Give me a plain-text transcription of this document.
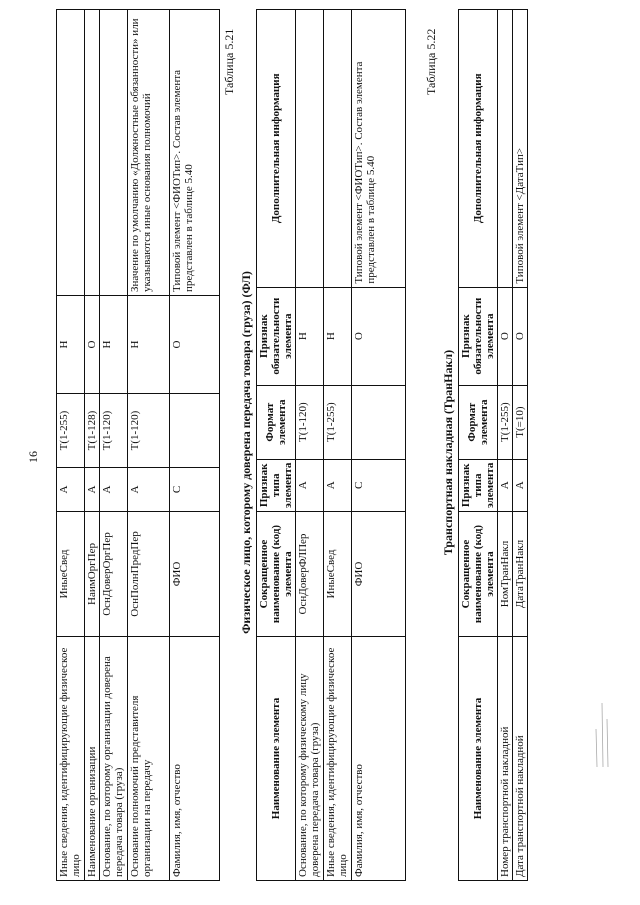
16
Иные сведения, идентифицирующие физическое лицо	ИныеСвед	А	Т(1-255)	Н	
Наименование организации	НаимОргПер	А	Т(1-128)	О	
Основание, по которому организации доверена передача товара (груза)	ОснДоверОргПер	А	Т(1-120)	Н	
Основание полномочий представителя организации на передачу	ОснПолнПредПер	А	Т(1-120)	Н	Значение по умолчанию «Должностные обязанности» или указываются иные основания полномочий
Фамилия, имя, отчество	ФИО	С		О	Типовой элемент <ФИОТип>. Состав элемента представлен в таблице 5.40
Таблица 5.21
Физическое лицо, которому доверена передача товара (груза) (ФЛ)
Наименование элемента	Сокращенное наименование (код) элемента	Признак типа элемента	Формат элемента	Признак обязательности элемента	Дополнительная информация
Основание, по которому физическому лицу доверена передача товара (груза)	ОснДоверФЛПер	А	Т(1-120)	Н	
Иные сведения, идентифицирующие физическое лицо	ИныеСвед	А	Т(1-255)	Н	
Фамилия, имя, отчество	ФИО	С		О	Типовой элемент <ФИОТип>. Состав элемента представлен в таблице 5.40
Таблица 5.22
Транспортная накладная (ТранНакл)
Наименование элемента	Сокращенное наименование (код) элемента	Признак типа элемента	Формат элемента	Признак обязательности элемента	Дополнительная информация
Номер транспортной накладной	НомТранНакл	А	Т(1-255)	О	
Дата транспортной накладной	ДатаТранНакл	А	Т(=10)	О	Типовой элемент <ДатаТип>
